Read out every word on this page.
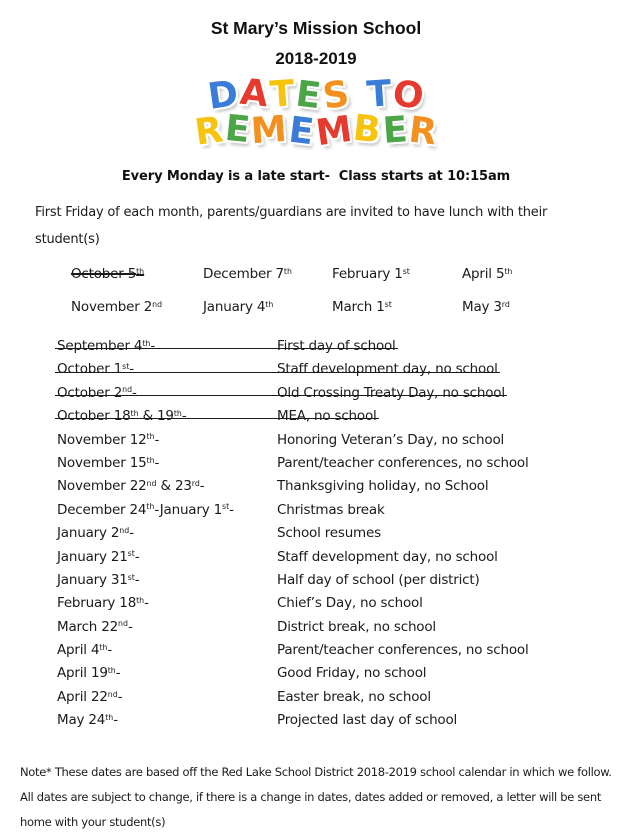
St Mary’s Mission School
2018-2019
DATES TO
REMEMBER

Every Monday is a late start-  Class starts at 10:15am

First Friday of each month, parents/guardians are invited to have lunch with their
student(s)

October 5th	December 7th	February 1st	April 5th
November 2nd	January 4th	March 1st	May 3rd
September 4th-	First day of school
October 1st-	Staff development day, no school
October 2nd-	Old Crossing Treaty Day, no school
October 18th & 19th-	MEA, no school
November 12th-	Honoring Veteran’s Day, no school
November 15th-	Parent/teacher conferences, no school
November 22nd & 23rd-	Thanksgiving holiday, no School
December 24th-January 1st-	Christmas break
January 2nd-	School resumes
January 21st-	Staff development day, no school
January 31st-	Half day of school (per district)
February 18th-	Chief’s Day, no school
March 22nd-	District break, no school
April 4th-	Parent/teacher conferences, no school
April 19th-	Good Friday, no school
April 22nd-	Easter break, no school
May 24th-	Projected last day of school

Note* These dates are based off the Red Lake School District 2018-2019 school calendar in which we follow.
All dates are subject to change, if there is a change in dates, dates added or removed, a letter will be sent
home with your student(s)
